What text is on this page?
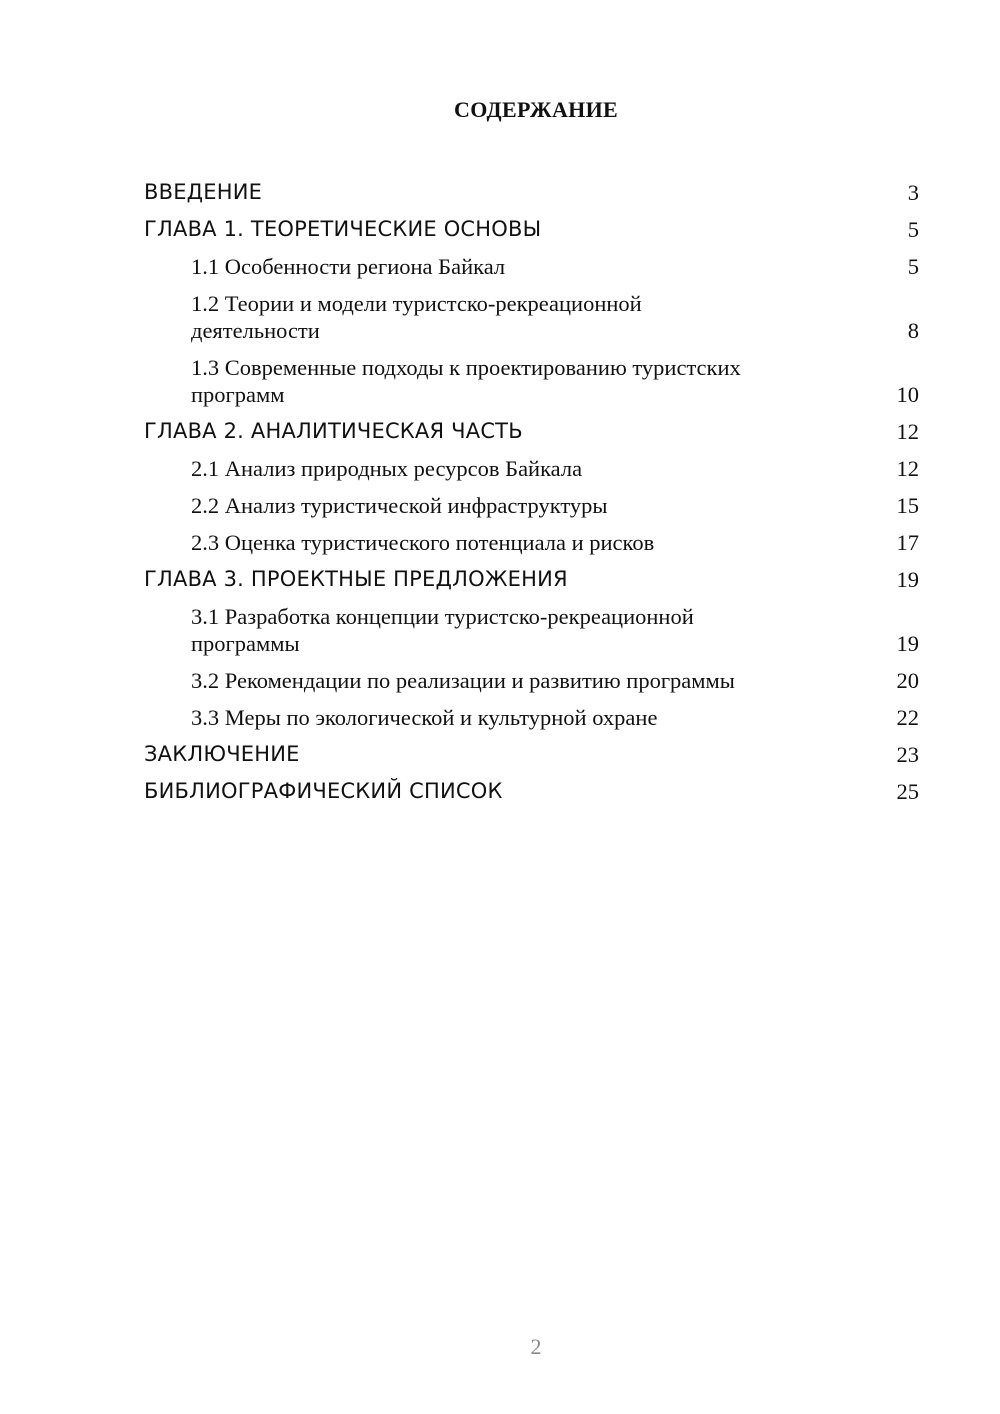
СОДЕРЖАНИЕ
ВВЕДЕНИЕ	3
ГЛАВА 1. ТЕОРЕТИЧЕСКИЕ ОСНОВЫ	5
1.1 Особенности региона Байкал	5
1.2 Теории и модели туристско-рекреационной деятельности	8
1.3 Современные подходы к проектированию туристских программ	10
ГЛАВА 2. АНАЛИТИЧЕСКАЯ ЧАСТЬ	12
2.1 Анализ природных ресурсов Байкала	12
2.2 Анализ туристической инфраструктуры	15
2.3 Оценка туристического потенциала и рисков	17
ГЛАВА 3. ПРОЕКТНЫЕ ПРЕДЛОЖЕНИЯ	19
3.1 Разработка концепции туристско-рекреационной программы	19
3.2 Рекомендации по реализации и развитию программы	20
3.3 Меры по экологической и культурной охране	22
ЗАКЛЮЧЕНИЕ	23
БИБЛИОГРАФИЧЕСКИЙ СПИСОК	25
2
